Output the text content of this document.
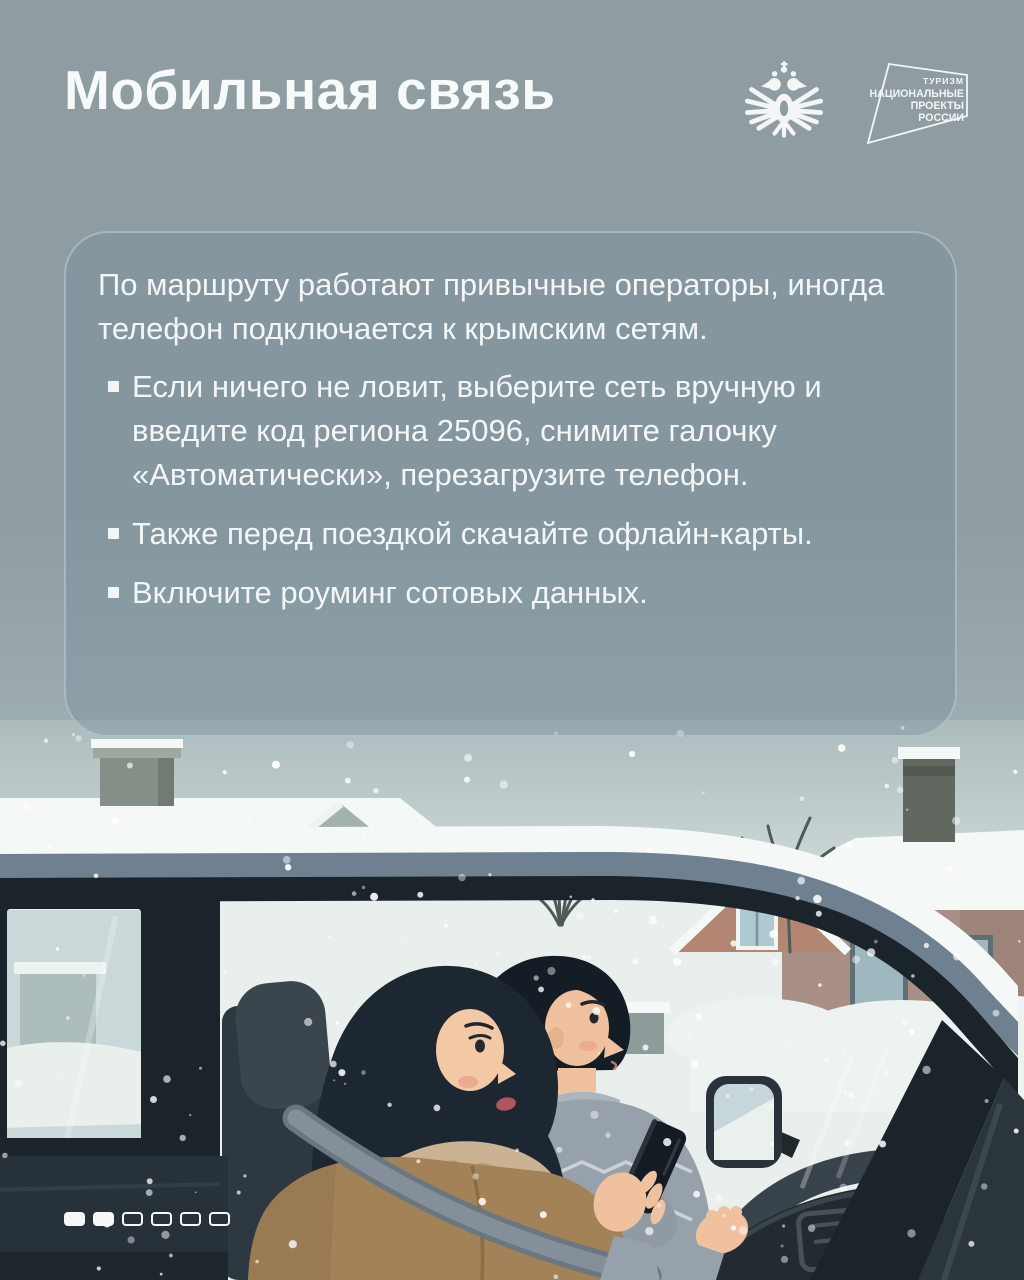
Мобильная связь	ТУРИЗМ
НАЦИОНАЛЬНЫЕ
ПРОЕКТЫ
РОССИИ

По маршруту работают привычные операторы, иногда телефон подключается к крымским сетям.

Если ничего не ловит, выберите сеть вручную и введите код региона 25096, снимите галочку «Автоматически», перезагрузите телефон.
Также перед поездкой скачайте офлайн-карты.
Включите роуминг сотовых данных.
